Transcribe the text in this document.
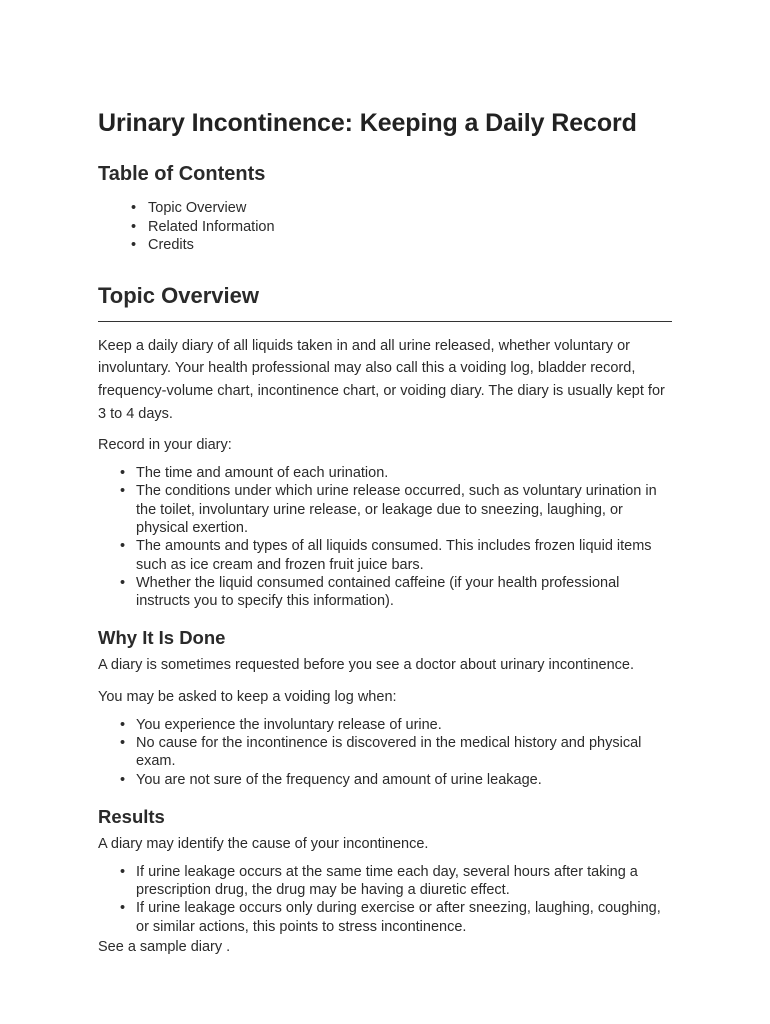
Urinary Incontinence: Keeping a Daily Record
Table of Contents
• Topic Overview
• Related Information
• Credits
Topic Overview

Keep a daily diary of all liquids taken in and all urine released, whether voluntary or involuntary. Your health professional may also call this a voiding log, bladder record, frequency-volume chart, incontinence chart, or voiding diary. The diary is usually kept for 3 to 4 days.

Record in your diary:

• The time and amount of each urination.
• The conditions under which urine release occurred, such as voluntary urination in the toilet, involuntary urine release, or leakage due to sneezing, laughing, or physical exertion.
• The amounts and types of all liquids consumed. This includes frozen liquid items such as ice cream and frozen fruit juice bars.
• Whether the liquid consumed contained caffeine (if your health professional instructs you to specify this information).
Why It Is Done

A diary is sometimes requested before you see a doctor about urinary incontinence.

You may be asked to keep a voiding log when:

• You experience the involuntary release of urine.
• No cause for the incontinence is discovered in the medical history and physical exam.
• You are not sure of the frequency and amount of urine leakage.
Results

A diary may identify the cause of your incontinence.

• If urine leakage occurs at the same time each day, several hours after taking a prescription drug, the drug may be having a diuretic effect.
• If urine leakage occurs only during exercise or after sneezing, laughing, coughing, or similar actions, this points to stress incontinence.

See a sample diary .
